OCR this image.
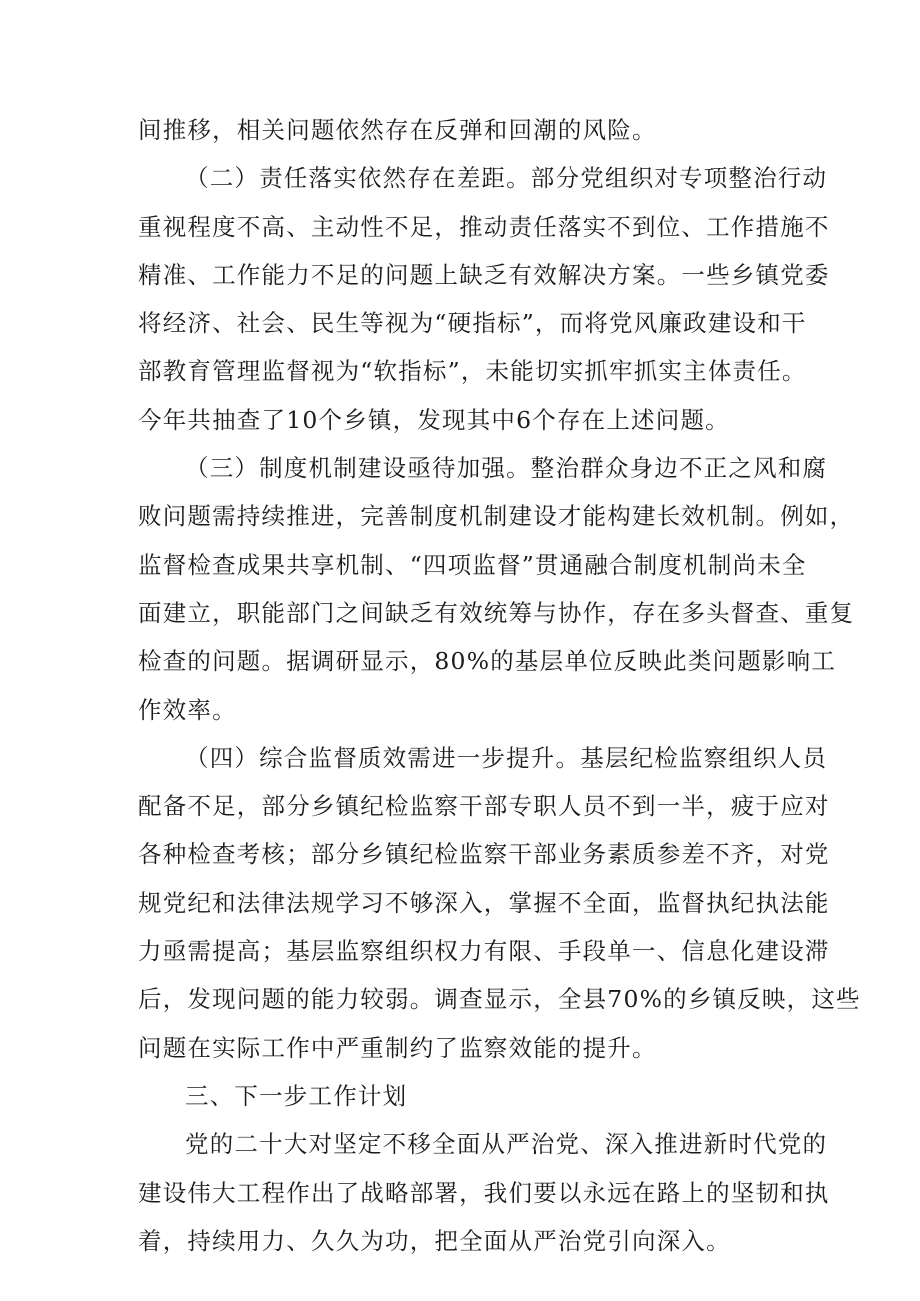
间推移，相关问题依然存在反弹和回潮的风险。
（二）责任落实依然存在差距。部分党组织对专项整治行动
重视程度不高、主动性不足，推动责任落实不到位、工作措施不
精准、工作能力不足的问题上缺乏有效解决方案。一些乡镇党委
将经济、社会、民生等视为“硬指标”，而将党风廉政建设和干
部教育管理监督视为“软指标”，未能切实抓牢抓实主体责任。
今年共抽查了10个乡镇，发现其中6个存在上述问题。
（三）制度机制建设亟待加强。整治群众身边不正之风和腐
败问题需持续推进，完善制度机制建设才能构建长效机制。例如，
监督检查成果共享机制、“四项监督”贯通融合制度机制尚未全
面建立，职能部门之间缺乏有效统筹与协作，存在多头督查、重复
检查的问题。据调研显示，80%的基层单位反映此类问题影响工
作效率。
（四）综合监督质效需进一步提升。基层纪检监察组织人员
配备不足，部分乡镇纪检监察干部专职人员不到一半，疲于应对
各种检查考核；部分乡镇纪检监察干部业务素质参差不齐，对党
规党纪和法律法规学习不够深入，掌握不全面，监督执纪执法能
力亟需提高；基层监察组织权力有限、手段单一、信息化建设滞
后，发现问题的能力较弱。调查显示，全县70%的乡镇反映，这些
问题在实际工作中严重制约了监察效能的提升。
三、下一步工作计划
党的二十大对坚定不移全面从严治党、深入推进新时代党的
建设伟大工程作出了战略部署，我们要以永远在路上的坚韧和执
着，持续用力、久久为功，把全面从严治党引向深入。
